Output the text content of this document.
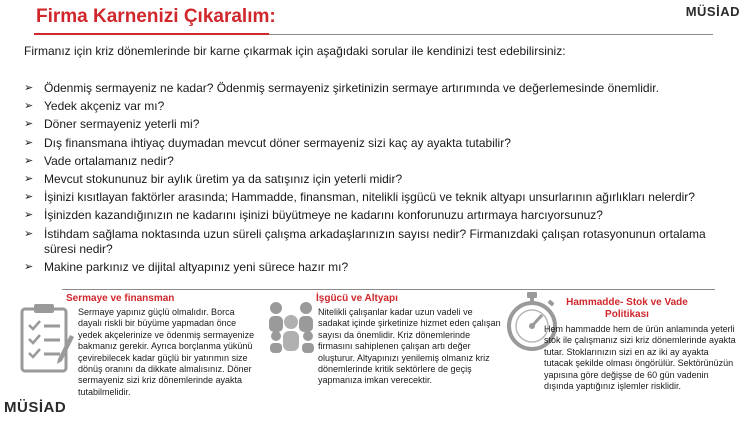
Firma Karnenizi Çıkaralım:	MÜSİAD
Firmanız için kriz dönemlerinde bir karne çıkarmak için aşağıdaki sorular ile kendinizi test edebilirsiniz:
➢ Ödenmiş sermayeniz ne kadar? Ödenmiş sermayeniz şirketinizin sermaye artırımında ve değerlemesinde önemlidir.
➢ Yedek akçeniz var mı?
➢ Döner sermayeniz yeterli mi?
➢ Dış finansmana ihtiyaç duymadan mevcut döner sermayeniz sizi kaç ay ayakta tutabilir?
➢ Vade ortalamanız nedir?
➢ Mevcut stokununuz bir aylık üretim ya da satışınız için yeterli midir?
➢ İşinizi kısıtlayan faktörler arasında; Hammadde, finansman, nitelikli işgücü ve teknik altyapı unsurlarının ağırlıkları nelerdir?
➢ İşinizden kazandığınızın ne kadarını işinizi büyütmeye ne kadarını konforunuzu artırmaya harcıyorsunuz?
➢ İstihdam sağlama noktasında uzun süreli çalışma arkadaşlarınızın sayısı nedir? Firmanızdaki çalışan rotasyonunun ortalama süresi nedir?
➢ Makine parkınız ve dijital altyapınız yeni sürece hazır mı?
Sermaye ve finansman
Sermaye yapınız güçlü olmalıdır. Borca dayalı riskli bir büyüme yapmadan önce yedek akçelerinize ve ödenmiş sermayenize bakmanız gerekir. Ayrıca borçlanma yükünü çevirebilecek kadar güçlü bir yatırımın size dönüş oranını da dikkate almalısınız. Döner sermayeniz sizi kriz dönemlerinde ayakta tutabilmelidir.
İşgücü ve Altyapı
Nitelikli çalışanlar kadar uzun vadeli ve sadakat içinde şirketinize hizmet eden çalışan sayısı da önemlidir. Kriz dönemlerinde firmasını sahiplenen çalışan artı değer oluşturur. Altyapınızı yenilemiş olmanız kriz dönemlerinde kritik sektörlere de geçiş yapmanıza imkan verecektir.
Hammadde- Stok ve Vade Politikası
Hem hammadde hem de ürün anlamında yeterli stok ile çalışmanız sizi kriz dönemlerinde ayakta tutar. Stoklarınızın sizi en az iki ay ayakta tutacak şekilde olması öngörülür. Sektörünüzün yapısına göre değişse de 60 gün vadenin dışında yaptığınız işlemler risklidir.
MÜSİAD
